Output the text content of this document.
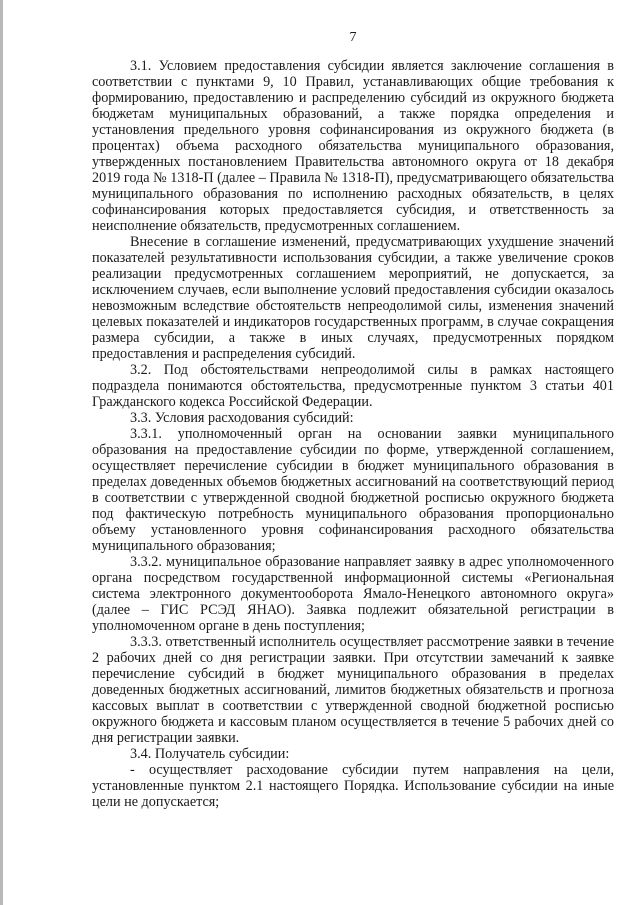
7

3.1. Условием предоставления субсидии является заключение соглашения в соответствии с пунктами 9, 10 Правил, устанавливающих общие требования к формированию, предоставлению и распределению субсидий из окружного бюджета бюджетам муниципальных образований, а также порядка определения и установления предельного уровня софинансирования из окружного бюджета (в процентах) объема расходного обязательства муниципального образования, утвержденных постановлением Правительства автономного округа от 18 декабря 2019 года № 1318-П (далее – Правила № 1318-П), предусматривающего обязательства муниципального образования по исполнению расходных обязательств, в целях софинансирования которых предоставляется субсидия, и ответственность за неисполнение обязательств, предусмотренных соглашением.

Внесение в соглашение изменений, предусматривающих ухудшение значений показателей результативности использования субсидии, а также увеличение сроков реализации предусмотренных соглашением мероприятий, не допускается, за исключением случаев, если выполнение условий предоставления субсидии оказалось невозможным вследствие обстоятельств непреодолимой силы, изменения значений целевых показателей и индикаторов государственных программ, в случае сокращения размера субсидии, а также в иных случаях, предусмотренных порядком предоставления и распределения субсидий.

3.2. Под обстоятельствами непреодолимой силы в рамках настоящего подраздела понимаются обстоятельства, предусмотренные пунктом 3 статьи 401 Гражданского кодекса Российской Федерации.

3.3. Условия расходования субсидий:

3.3.1. уполномоченный орган на основании заявки муниципального образования на предоставление субсидии по форме, утвержденной соглашением, осуществляет перечисление субсидии в бюджет муниципального образования в пределах доведенных объемов бюджетных ассигнований на соответствующий период в соответствии с утвержденной сводной бюджетной росписью окружного бюджета под фактическую потребность муниципального образования пропорционально объему установленного уровня софинансирования расходного обязательства муниципального образования;

3.3.2. муниципальное образование направляет заявку в адрес уполномоченного органа посредством государственной информационной системы «Региональная система электронного документооборота Ямало-Ненецкого автономного округа» (далее – ГИС РСЭД ЯНАО). Заявка подлежит обязательной регистрации в уполномоченном органе в день поступления;

3.3.3. ответственный исполнитель осуществляет рассмотрение заявки в течение 2 рабочих дней со дня регистрации заявки. При отсутствии замечаний к заявке перечисление субсидий в бюджет муниципального образования в пределах доведенных бюджетных ассигнований, лимитов бюджетных обязательств и прогноза кассовых выплат в соответствии с утвержденной сводной бюджетной росписью окружного бюджета и кассовым планом осуществляется в течение 5 рабочих дней со дня регистрации заявки.

3.4. Получатель субсидии:

- осуществляет расходование субсидии путем направления на цели, установленные пунктом 2.1 настоящего Порядка. Использование субсидии на иные цели не допускается;
